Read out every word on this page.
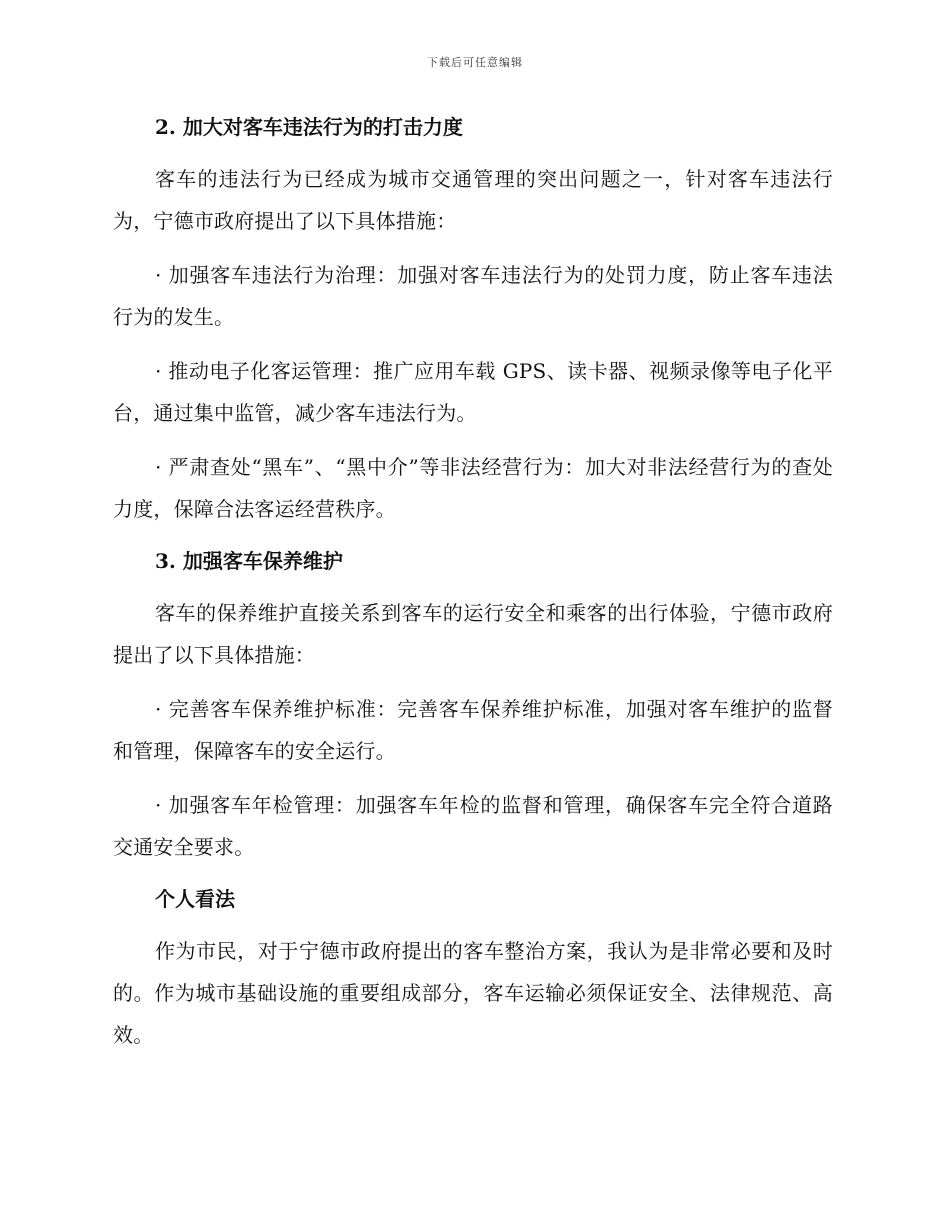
下载后可任意编辑
2. 加大对客车违法行为的打击力度

客车的违法行为已经成为城市交通管理的突出问题之一，针对客车违法行为，宁德市政府提出了以下具体措施：

· 加强客车违法行为治理：加强对客车违法行为的处罚力度，防止客车违法行为的发生。

· 推动电子化客运管理：推广应用车载 GPS、读卡器、视频录像等电子化平台，通过集中监管，减少客车违法行为。

· 严肃查处“黑车”、“黑中介”等非法经营行为：加大对非法经营行为的查处力度，保障合法客运经营秩序。

3. 加强客车保养维护

客车的保养维护直接关系到客车的运行安全和乘客的出行体验，宁德市政府提出了以下具体措施：

· 完善客车保养维护标准：完善客车保养维护标准，加强对客车维护的监督和管理，保障客车的安全运行。

· 加强客车年检管理：加强客车年检的监督和管理，确保客车完全符合道路交通安全要求。

个人看法

作为市民，对于宁德市政府提出的客车整治方案，我认为是非常必要和及时的。作为城市基础设施的重要组成部分，客车运输必须保证安全、法律规范、高效。
